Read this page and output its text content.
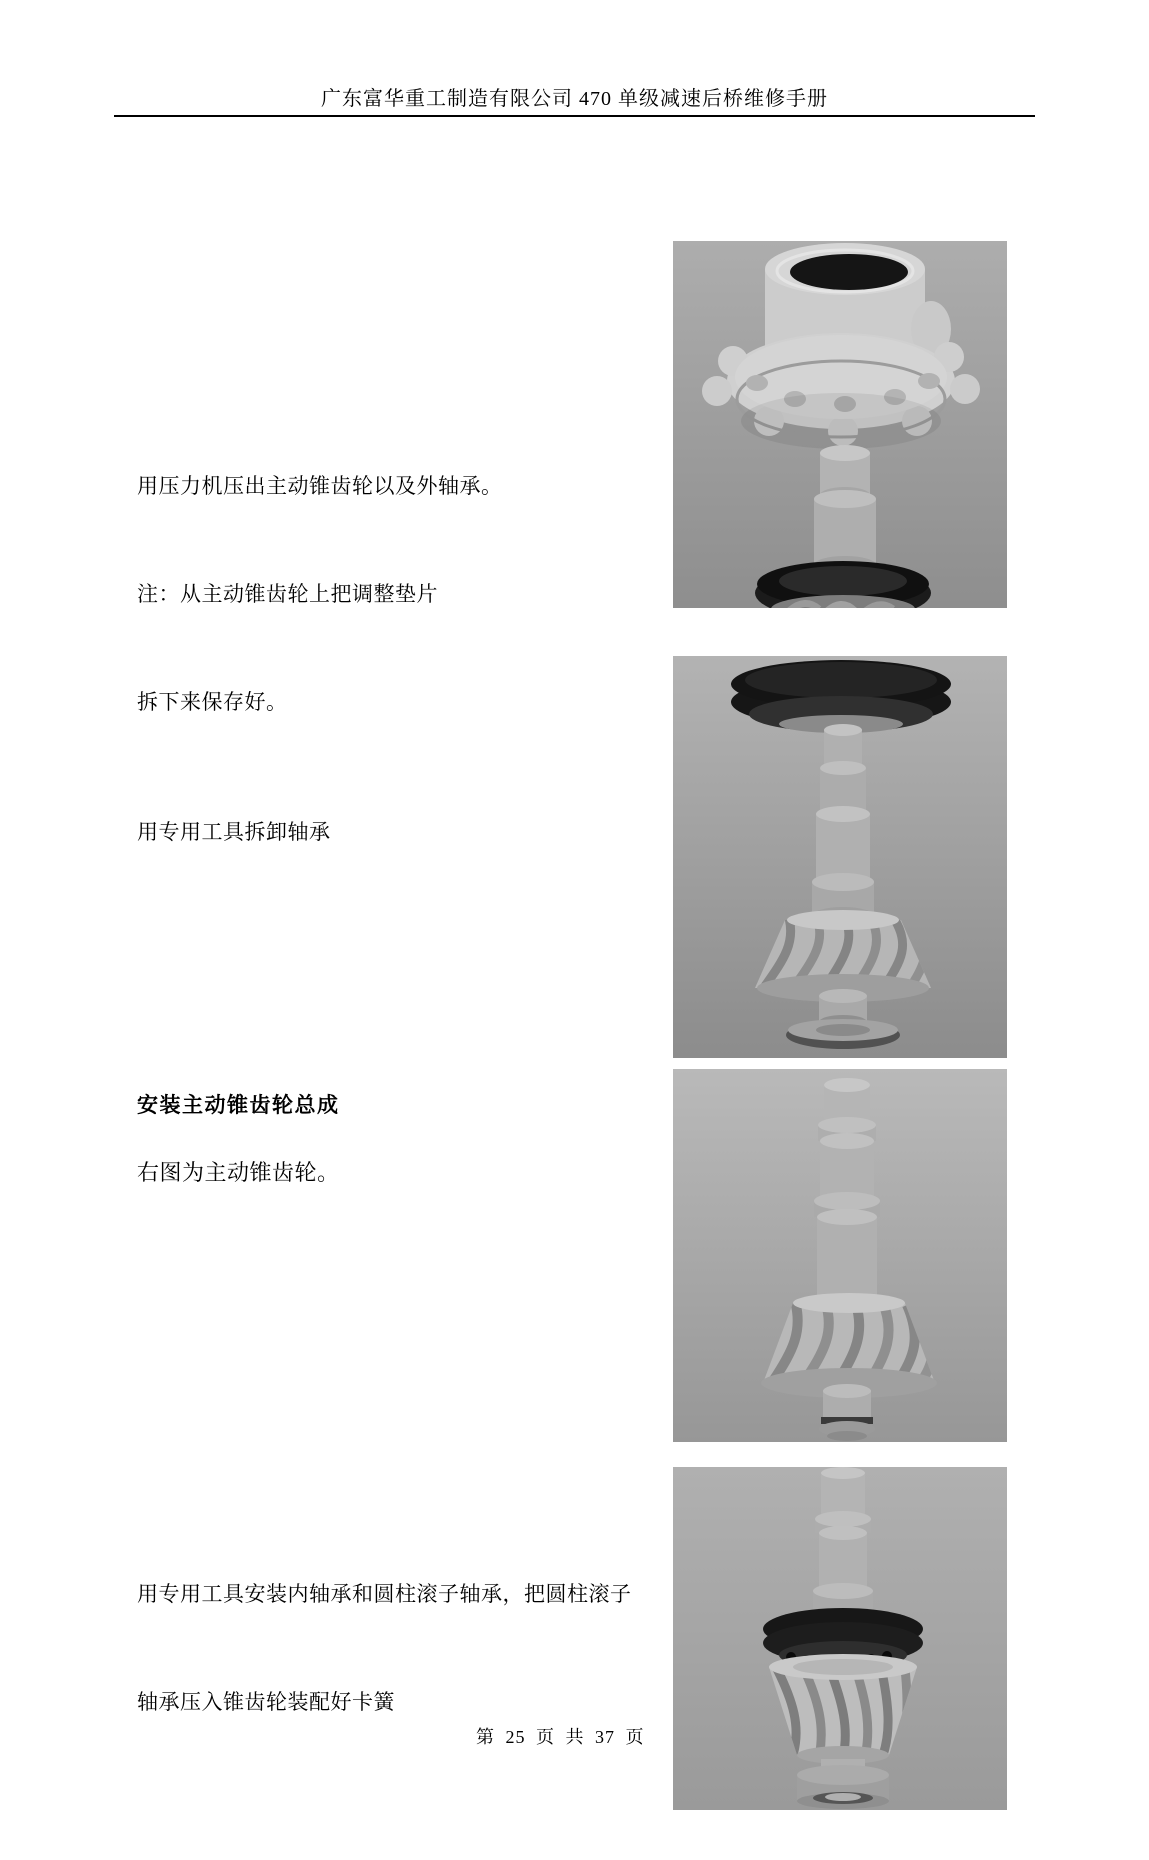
广东富华重工制造有限公司 470 单级减速后桥维修手册

用压力机压出主动锥齿轮以及外轴承。

注：从主动锥齿轮上把调整垫片

拆下来保存好。

用专用工具拆卸轴承

安装主动锥齿轮总成
右图为主动锥齿轮。

用专用工具安装内轴承和圆柱滚子轴承，把圆柱滚子

轴承压入锥齿轮装配好卡簧

第 25 页 共 37 页
